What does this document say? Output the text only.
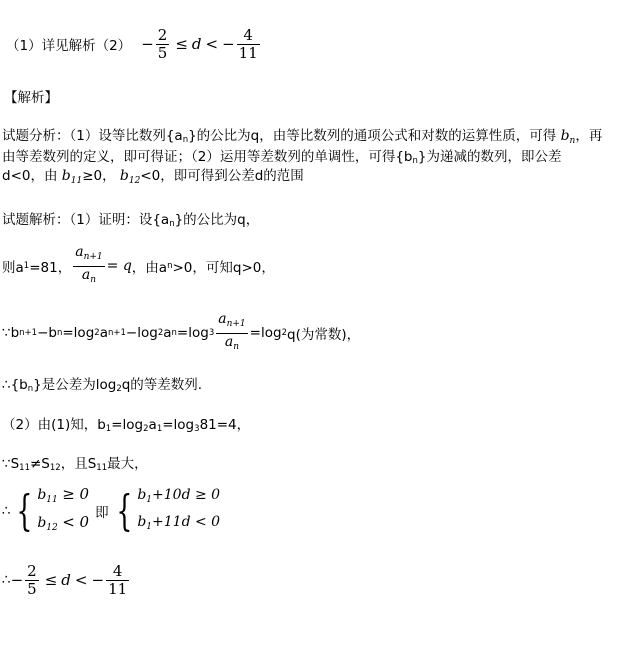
（1）详见解析$(2) - \frac{2}{5} \le d$ < − $\frac{4}{11}$
【解析】
试题分析：（1）设等比数列{an}的公比为q，由等比数列的通项公式和对数的运算性质，可得 $b_n$，再
由等差数列的定义，即可得证；（2）运用等差数列的单调性，可得{bn}为递减的数列，即公差
d<0，由 $b_{11}\ge 0$， $b_{12}<0$，即可得到公差d的范围
试题解析：（1）证明：设{an}的公比为q，
则a 1 =81， $\frac{a_{n+1}}{a_n} = q$ ，由a n >0，可知q>0，
∵b n+1 −b n =log 2 a n+1 −log 2 a n =log $3 \frac{a_{n+1}}{a_n} =\log$ 2 q(为常数)，
∴{bn}是公差为log2q的等差数列.
（2）由(1)知，b1=log2a1=log381=4，
∵S11≠S12，且S11最大，
∴ { $b_{11} \ge 0$
$b_{12} < 0$ 即 { $b_1+10d \ge 0$
$b_1+11d < 0$
∴ − $\frac{2}{5} \le d$ < − $\frac{4}{11}$
